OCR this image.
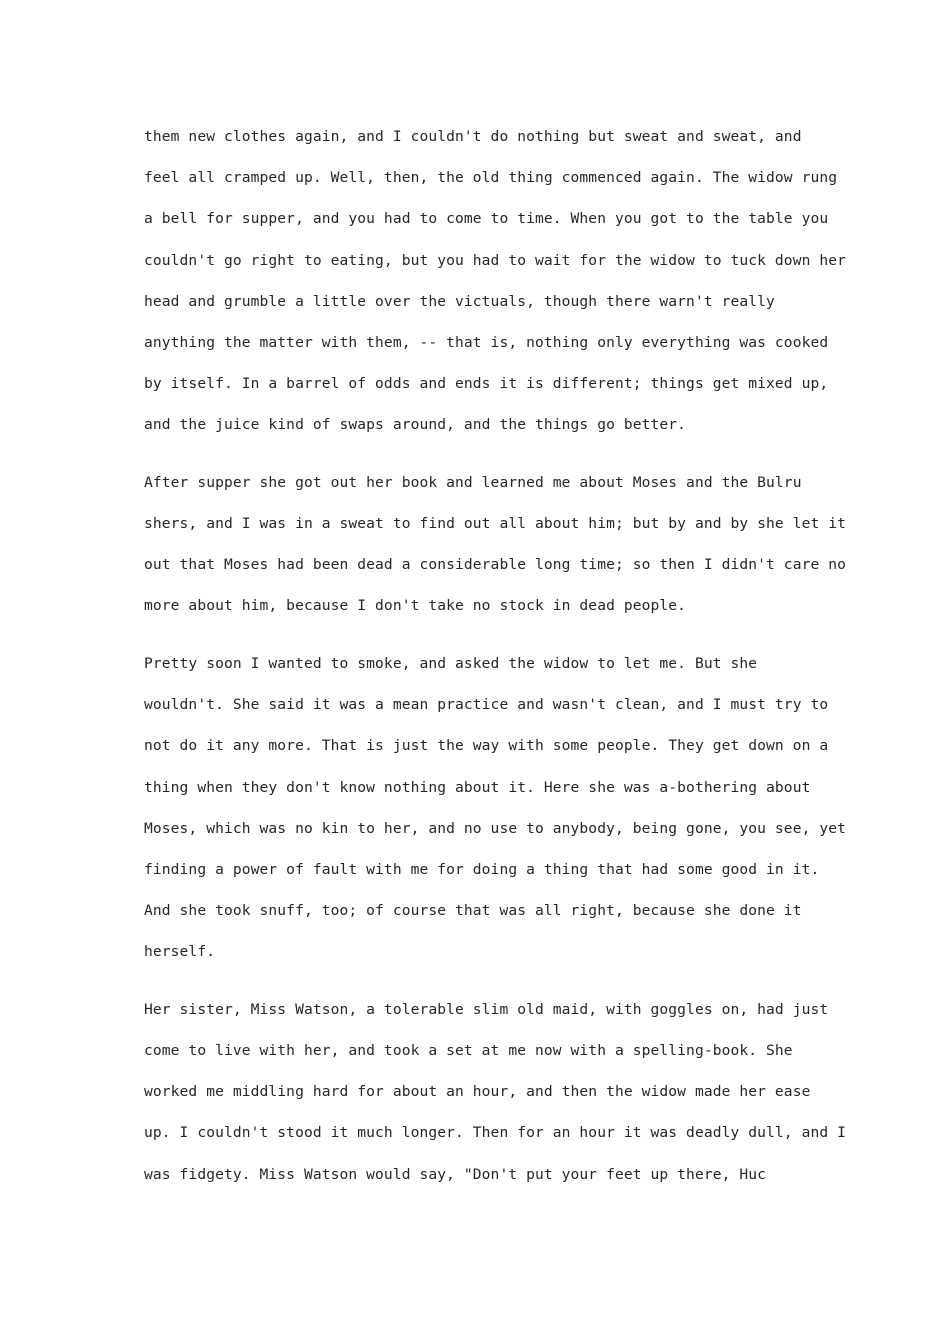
them new clothes again, and I couldn't do nothing but sweat and sweat, and
feel all cramped up. Well, then, the old thing commenced again. The widow rung
a bell for supper, and you had to come to time. When you got to the table you
couldn't go right to eating, but you had to wait for the widow to tuck down her
head and grumble a little over the victuals, though there warn't really
anything the matter with them, -- that is, nothing only everything was cooked
by itself. In a barrel of odds and ends it is different; things get mixed up,
and the juice kind of swaps around, and the things go better.

After supper she got out her book and learned me about Moses and the Bulru
shers, and I was in a sweat to find out all about him; but by and by she let it
out that Moses had been dead a considerable long time; so then I didn't care no
more about him, because I don't take no stock in dead people.

Pretty soon I wanted to smoke, and asked the widow to let me. But she
wouldn't. She said it was a mean practice and wasn't clean, and I must try to
not do it any more. That is just the way with some people. They get down on a
thing when they don't know nothing about it. Here she was a-bothering about
Moses, which was no kin to her, and no use to anybody, being gone, you see, yet
finding a power of fault with me for doing a thing that had some good in it.
And she took snuff, too; of course that was all right, because she done it
herself.

Her sister, Miss Watson, a tolerable slim old maid, with goggles on, had just
come to live with her, and took a set at me now with a spelling-book. She
worked me middling hard for about an hour, and then the widow made her ease
up. I couldn't stood it much longer. Then for an hour it was deadly dull, and I
was fidgety. Miss Watson would say, "Don't put your feet up there, Huc
